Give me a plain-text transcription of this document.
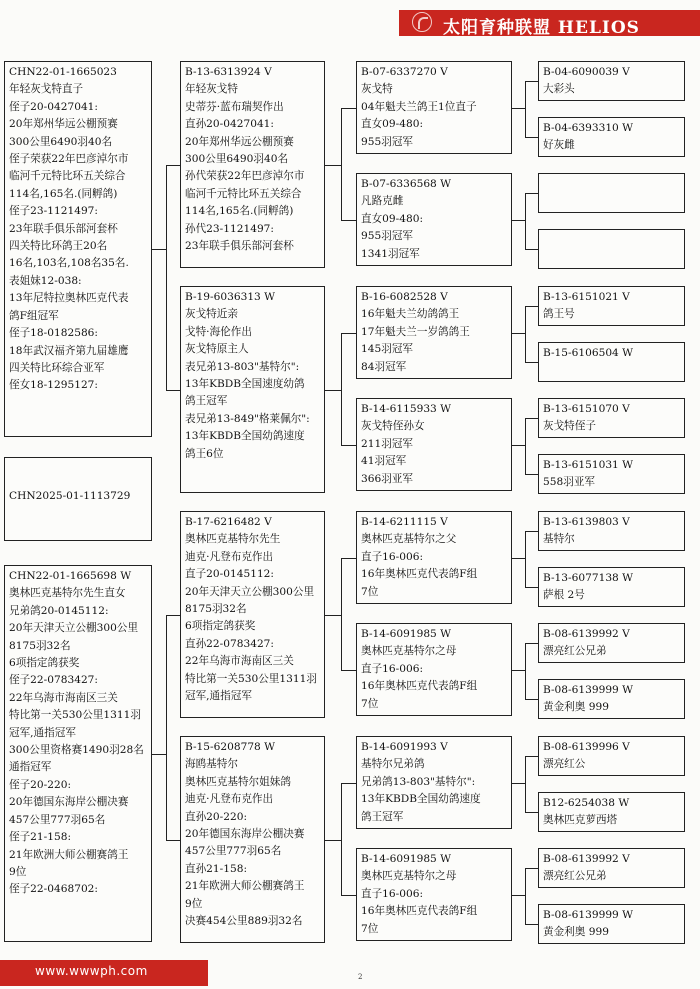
太阳育种联盟 HELIOS
CHN22-01-1665023
年轻灰戈特直子
侄子20-0427041:
20年郑州华远公棚预赛
300公里6490羽40名
侄子荣获22年巴彦淖尔市
临河千元特比环五关综合
114名,165名.(同孵鸽)
侄子23-1121497:
23年联手俱乐部河套杯
四关特比环鸽王20名
16名,103名,108名35名.
表姐妹12-038:
13年尼特拉奥林匹克代表
鸽F组冠军
侄子18-0182586:
18年武汉福齐第九届雄鹰
四关特比环综合亚军
侄女18-1295127:
CHN2025-01-1113729
CHN22-01-1665698 W
奥林匹克基特尔先生直女
兄弟鸽20-0145112:
20年天津天立公棚300公里
8175羽32名
6项指定鸽获奖
侄子22-0783427:
22年乌海市海南区三关
特比第一关530公里1311羽
冠军,通指冠军
300公里资格赛1490羽28名
通指冠军
侄子20-220:
20年德国东海岸公棚决赛
457公里777羽65名
侄子21-158:
21年欧洲大师公棚赛鸽王
9位
侄子22-0468702:
B-13-6313924 V
年轻灰戈特
史蒂芬·蓝布瑞契作出
直孙20-0427041:
20年郑州华远公棚预赛
300公里6490羽40名
孙代荣获22年巴彦淖尔市
临河千元特比环五关综合
114名,165名.(同孵鸽)
孙代23-1121497:
23年联手俱乐部河套杯
B-19-6036313 W
灰戈特近亲
戈特·海伦作出
灰戈特原主人
表兄弟13-803"基特尔":
13年KBDB全国速度幼鸽
鸽王冠军
表兄弟13-849"格莱佩尔":
13年KBDB全国幼鸽速度
鸽王6位
B-17-6216482 V
奥林匹克基特尔先生
迪克·凡登布克作出
直子20-0145112:
20年天津天立公棚300公里
8175羽32名
6项指定鸽获奖
直孙22-0783427:
22年乌海市海南区三关
特比第一关530公里1311羽
冠军,通指冠军
B-15-6208778 W
海鸥基特尔
奥林匹克基特尔姐妹鸽
迪克·凡登布克作出
直孙20-220:
20年德国东海岸公棚决赛
457公里777羽65名
直孙21-158:
21年欧洲大师公棚赛鸽王
9位
决赛454公里889羽32名
B-07-6337270 V
灰戈特
04年魁夫兰鸽王1位直子
直女09-480:
955羽冠军
B-07-6336568 W
凡路克雌
直女09-480:
955羽冠军
1341羽冠军
B-16-6082528 V
16年魁夫兰幼鸽鸽王
17年魁夫兰一岁鸽鸽王
145羽冠军
84羽冠军
B-14-6115933 W
灰戈特侄孙女
211羽冠军
41羽冠军
366羽亚军
B-14-6211115 V
奥林匹克基特尔之父
直子16-006:
16年奥林匹克代表鸽F组
7位
B-14-6091985 W
奥林匹克基特尔之母
直子16-006:
16年奥林匹克代表鸽F组
7位
B-14-6091993 V
基特尔兄弟鸽
兄弟鸽13-803"基特尔":
13年KBDB全国幼鸽速度
鸽王冠军
B-14-6091985 W
奥林匹克基特尔之母
直子16-006:
16年奥林匹克代表鸽F组
7位
B-04-6090039 V
大彩头
B-04-6393310 W
好灰雌
B-13-6151021 V
鸽王号
B-15-6106504 W
B-13-6151070 V
灰戈特侄子
B-13-6151031 W
558羽亚军
B-13-6139803 V
基特尔
B-13-6077138 W
萨根 2号
B-08-6139992 V
漂亮红公兄弟
B-08-6139999 W
黄金利奥 999
B-08-6139996 V
漂亮红公
B12-6254038 W
奥林匹克萝西塔
B-08-6139992 V
漂亮红公兄弟
B-08-6139999 W
黄金利奥 999
www.wwwph.com	2
